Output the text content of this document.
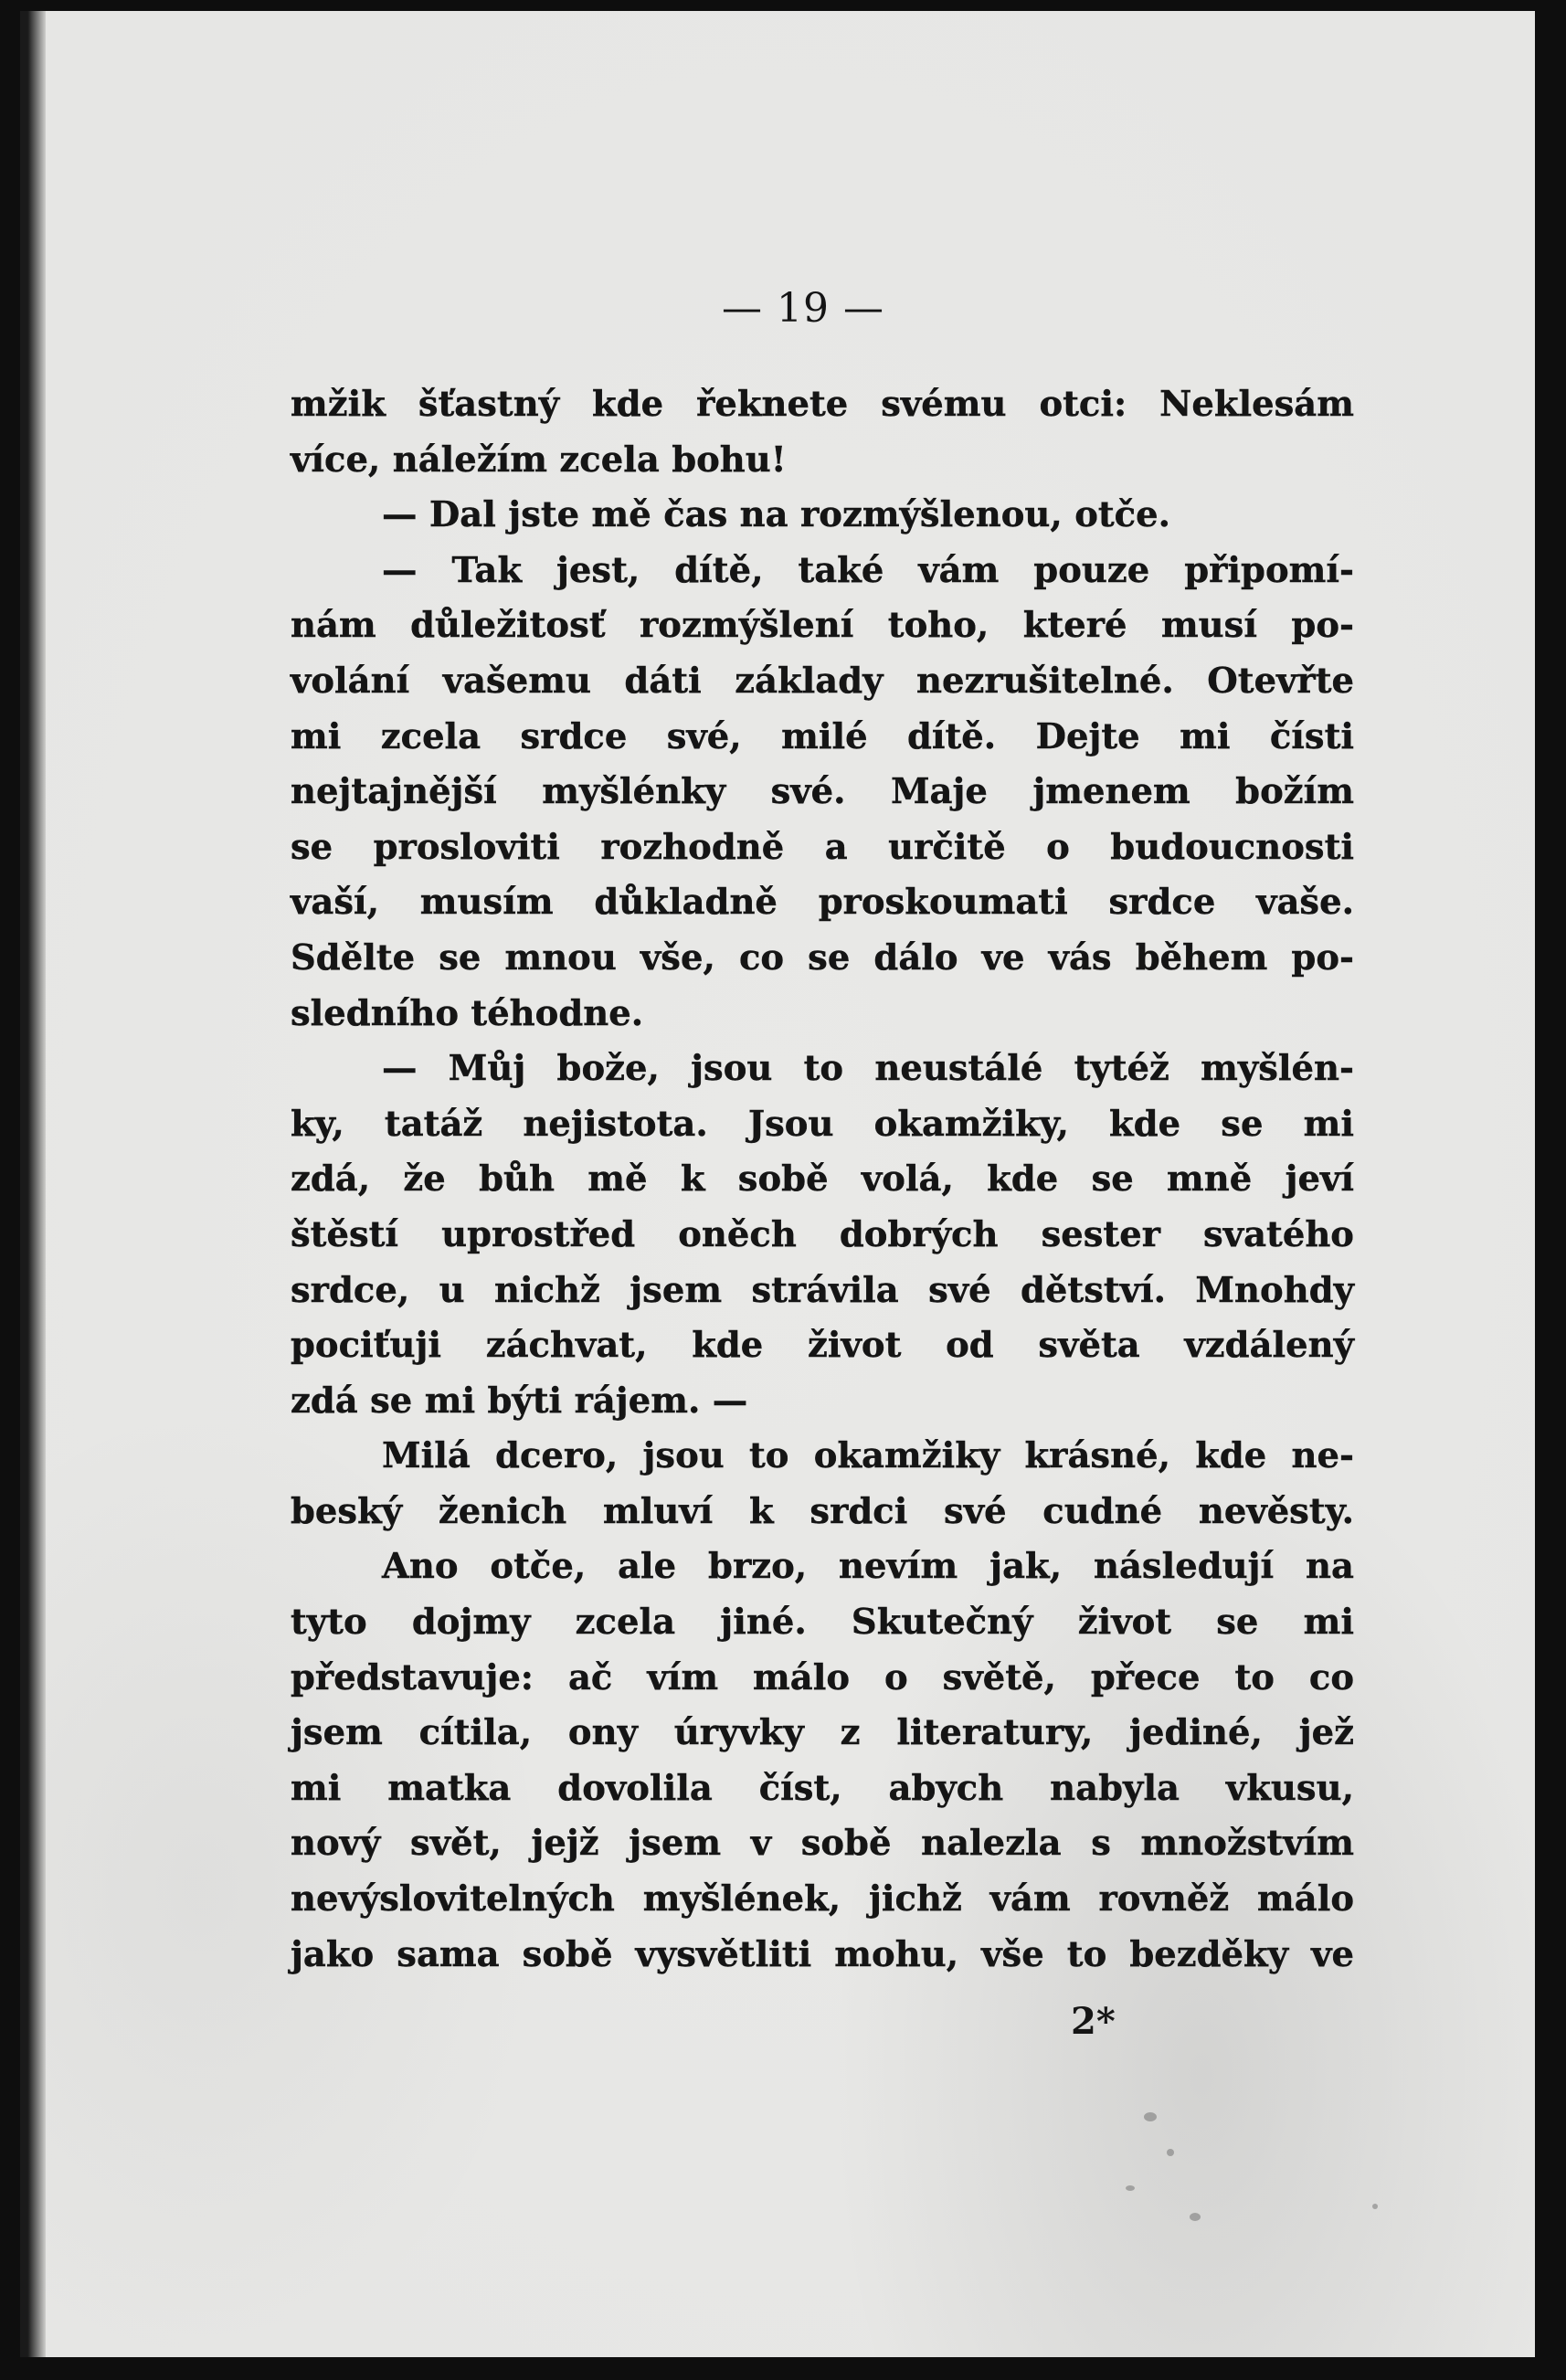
— 19 —
mžik šťastný kde řeknete svému otci: Neklesám
více, náležím zcela bohu!
— Dal jste mě čas na rozmýšlenou, otče.
— Tak jest, dítě, také vám pouze připomí-
nám důležitosť rozmýšlení toho, které musí po-
volání vašemu dáti základy nezrušitelné. Otevřte
mi zcela srdce své, milé dítě. Dejte mi čísti
nejtajnější myšlénky své. Maje jmenem božím
se prosloviti rozhodně a určitě o budoucnosti
vaší, musím důkladně proskoumati srdce vaše.
Sdělte se mnou vše, co se dálo ve vás během po-
sledního téhodne.
— Můj bože, jsou to neustálé tytéž myšlén-
ky, tatáž nejistota. Jsou okamžiky, kde se mi
zdá, že bůh mě k sobě volá, kde se mně jeví
štěstí uprostřed oněch dobrých sester svatého
srdce, u nichž jsem strávila své dětství. Mnohdy
pociťuji záchvat, kde život od světa vzdálený
zdá se mi býti rájem. —
Milá dcero, jsou to okamžiky krásné, kde ne-
beský ženich mluví k srdci své cudné nevěsty.
Ano otče, ale brzo, nevím jak, následují na
tyto dojmy zcela jiné. Skutečný život se mi
představuje: ač vím málo o světě, přece to co
jsem cítila, ony úryvky z literatury, jediné, jež
mi matka dovolila číst, abych nabyla vkusu,
nový svět, jejž jsem v sobě nalezla s množstvím
nevýslovitelných myšlének, jichž vám rovněž málo
jako sama sobě vysvětliti mohu, vše to bezděky ve
2*
